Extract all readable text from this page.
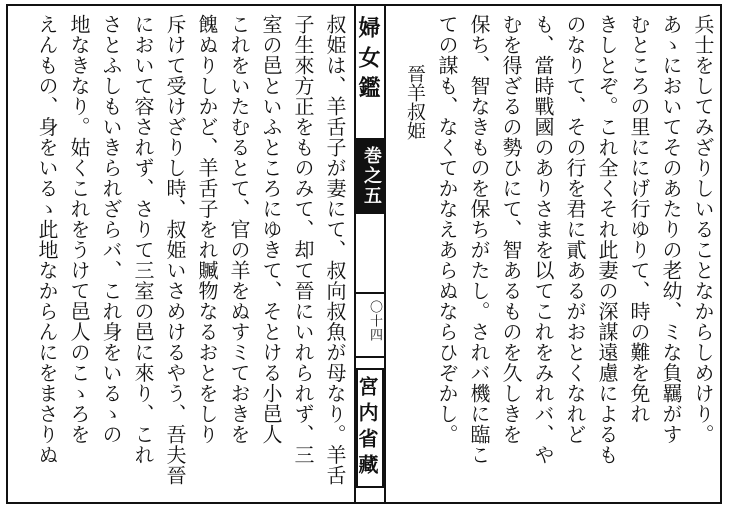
兵士をしてみざりしいることなからしめけり。
あゝにおいてそのあたりの老幼、ミな負羈がす
むところの里ににげ行ゆりて、時の難を免れ
きしとぞ。これ全くそれ此妻の深謀遠慮によるも
のなりて、その行を君に貳あるがおとくなれど
も、當時戰國のありさまを以てこれをみれバ、や
むを得ざるの勢ひにて、智あるものを久しきを
保ち、智なきものを保ちがたし。されバ機に臨こ
ての謀も、なくてかなえあらぬならひぞかし。
晉羊叔姫
婦女鑑
巻之五
〇十四
宮内省藏
叔姫は、羊舌子が妻にて、叔向叔魚が母なり。羊舌
子生來方正をものみて、却て晉にいれられず、三
室の邑といふところにゆきて、そとける小邑人
これをいたむるとて、官の羊をぬすミておきを
餽ぬりしかど、羊舌子をれ贓物なるおとをしり
斥けて受けざりし時、叔姫いさめけるやう、吾夫晉
において容されず、さりて三室の邑に來り、これ
さとふしもいきられざらバ、これ身をいるゝの
地なきなり。姑くこれをうけて邑人のこゝろを
えんもの、身をいるゝ此地なからんにをまさりぬ
